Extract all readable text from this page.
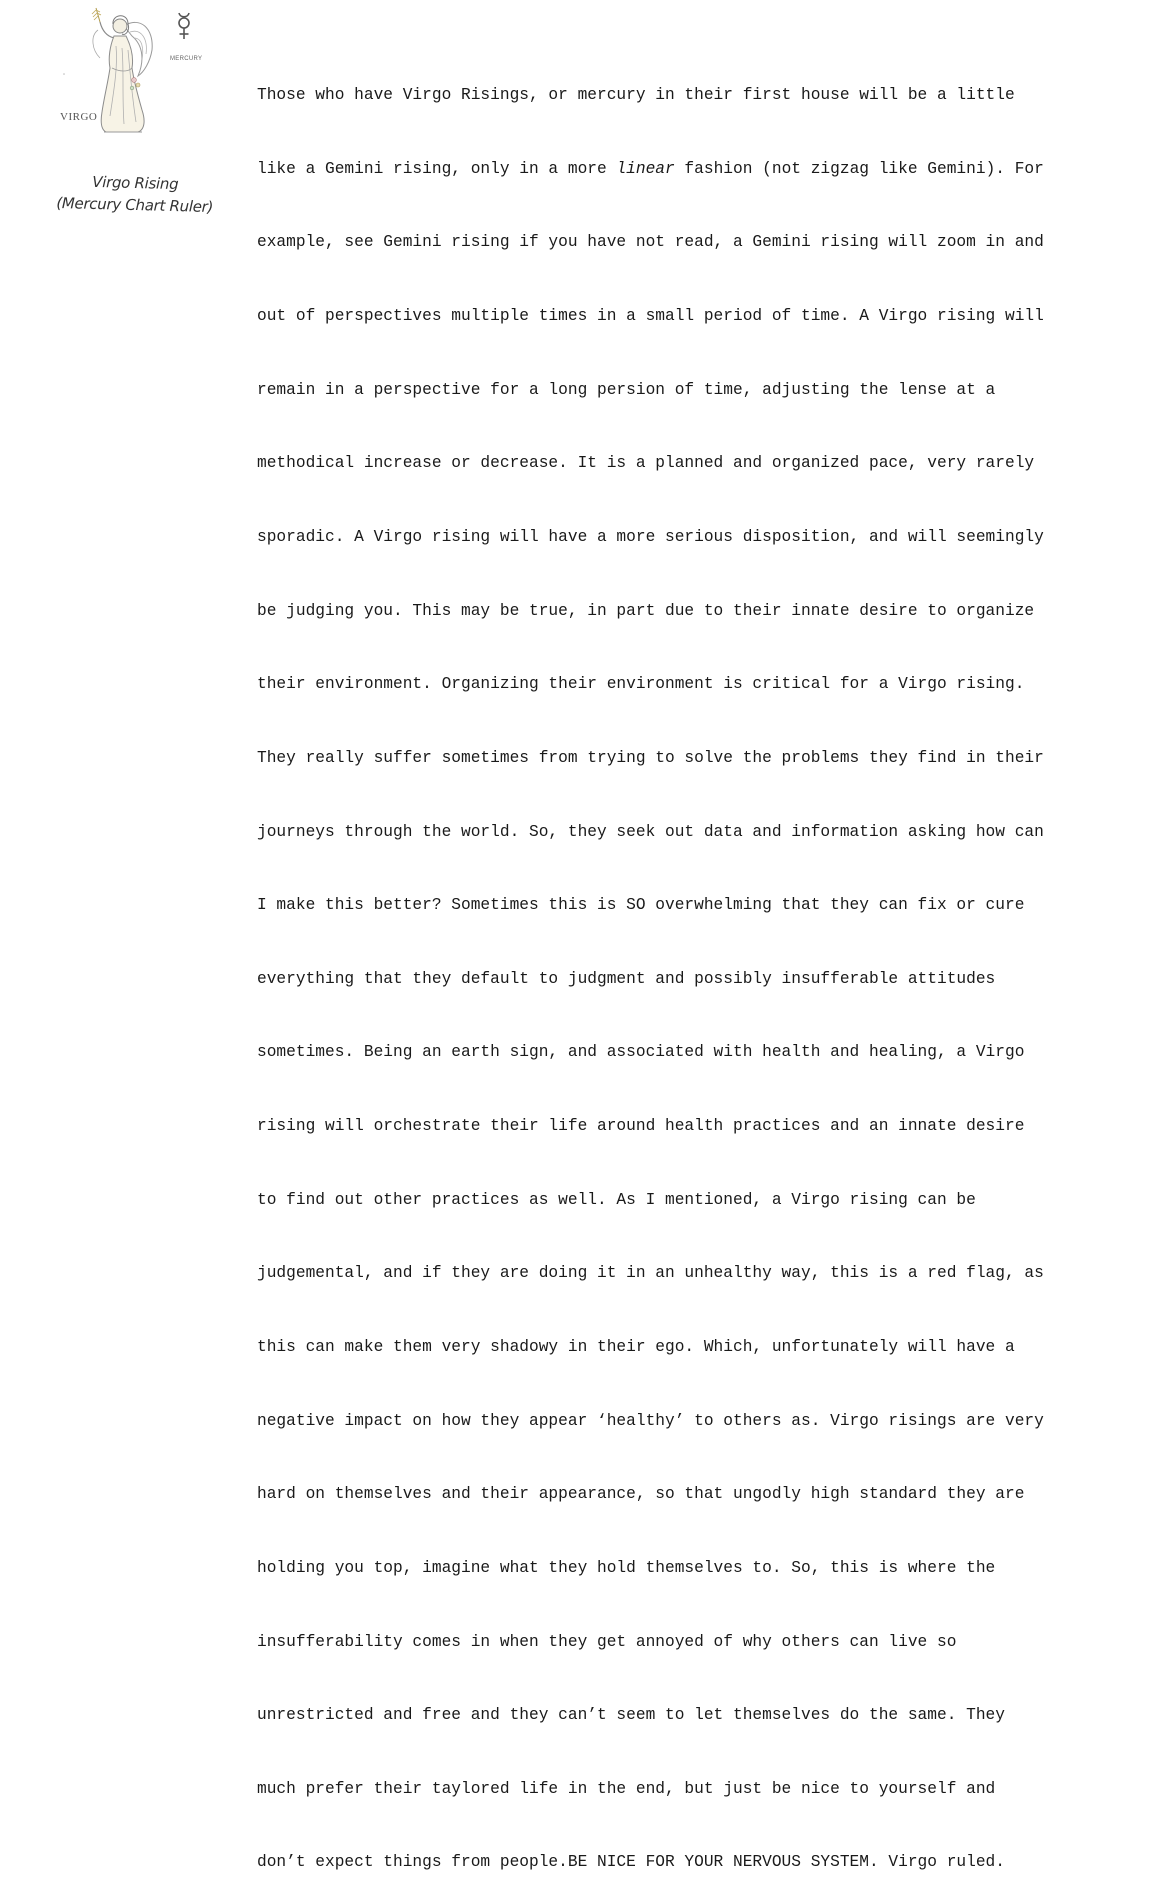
VIRGO
MERCURY
Virgo Rising
(Mercury Chart Ruler)

Those who have Virgo Risings, or mercury in their first house will be a little

like a Gemini rising, only in a more linear fashion (not zigzag like Gemini). For

example, see Gemini rising if you have not read, a Gemini rising will zoom in and

out of perspectives multiple times in a small period of time. A Virgo rising will

remain in a perspective for a long persion of time, adjusting the lense at a

methodical increase or decrease. It is a planned and organized pace, very rarely

sporadic. A Virgo rising will have a more serious disposition, and will seemingly

be judging you. This may be true, in part due to their innate desire to organize

their environment. Organizing their environment is critical for a Virgo rising.

They really suffer sometimes from trying to solve the problems they find in their

journeys through the world. So, they seek out data and information asking how can

I make this better? Sometimes this is SO overwhelming that they can fix or cure

everything that they default to judgment and possibly insufferable attitudes

sometimes. Being an earth sign, and associated with health and healing, a Virgo

rising will orchestrate their life around health practices and an innate desire

to find out other practices as well. As I mentioned, a Virgo rising can be

judgemental, and if they are doing it in an unhealthy way, this is a red flag, as

this can make them very shadowy in their ego. Which, unfortunately will have a

negative impact on how they appear ‘healthy’ to others as. Virgo risings are very

hard on themselves and their appearance, so that ungodly high standard they are

holding you top, imagine what they hold themselves to. So, this is where the

insufferability comes in when they get annoyed of why others can live so

unrestricted and free and they can’t seem to let themselves do the same. They

much prefer their taylored life in the end, but just be nice to yourself and

don’t expect things from people.BE NICE FOR YOUR NERVOUS SYSTEM. Virgo ruled.
